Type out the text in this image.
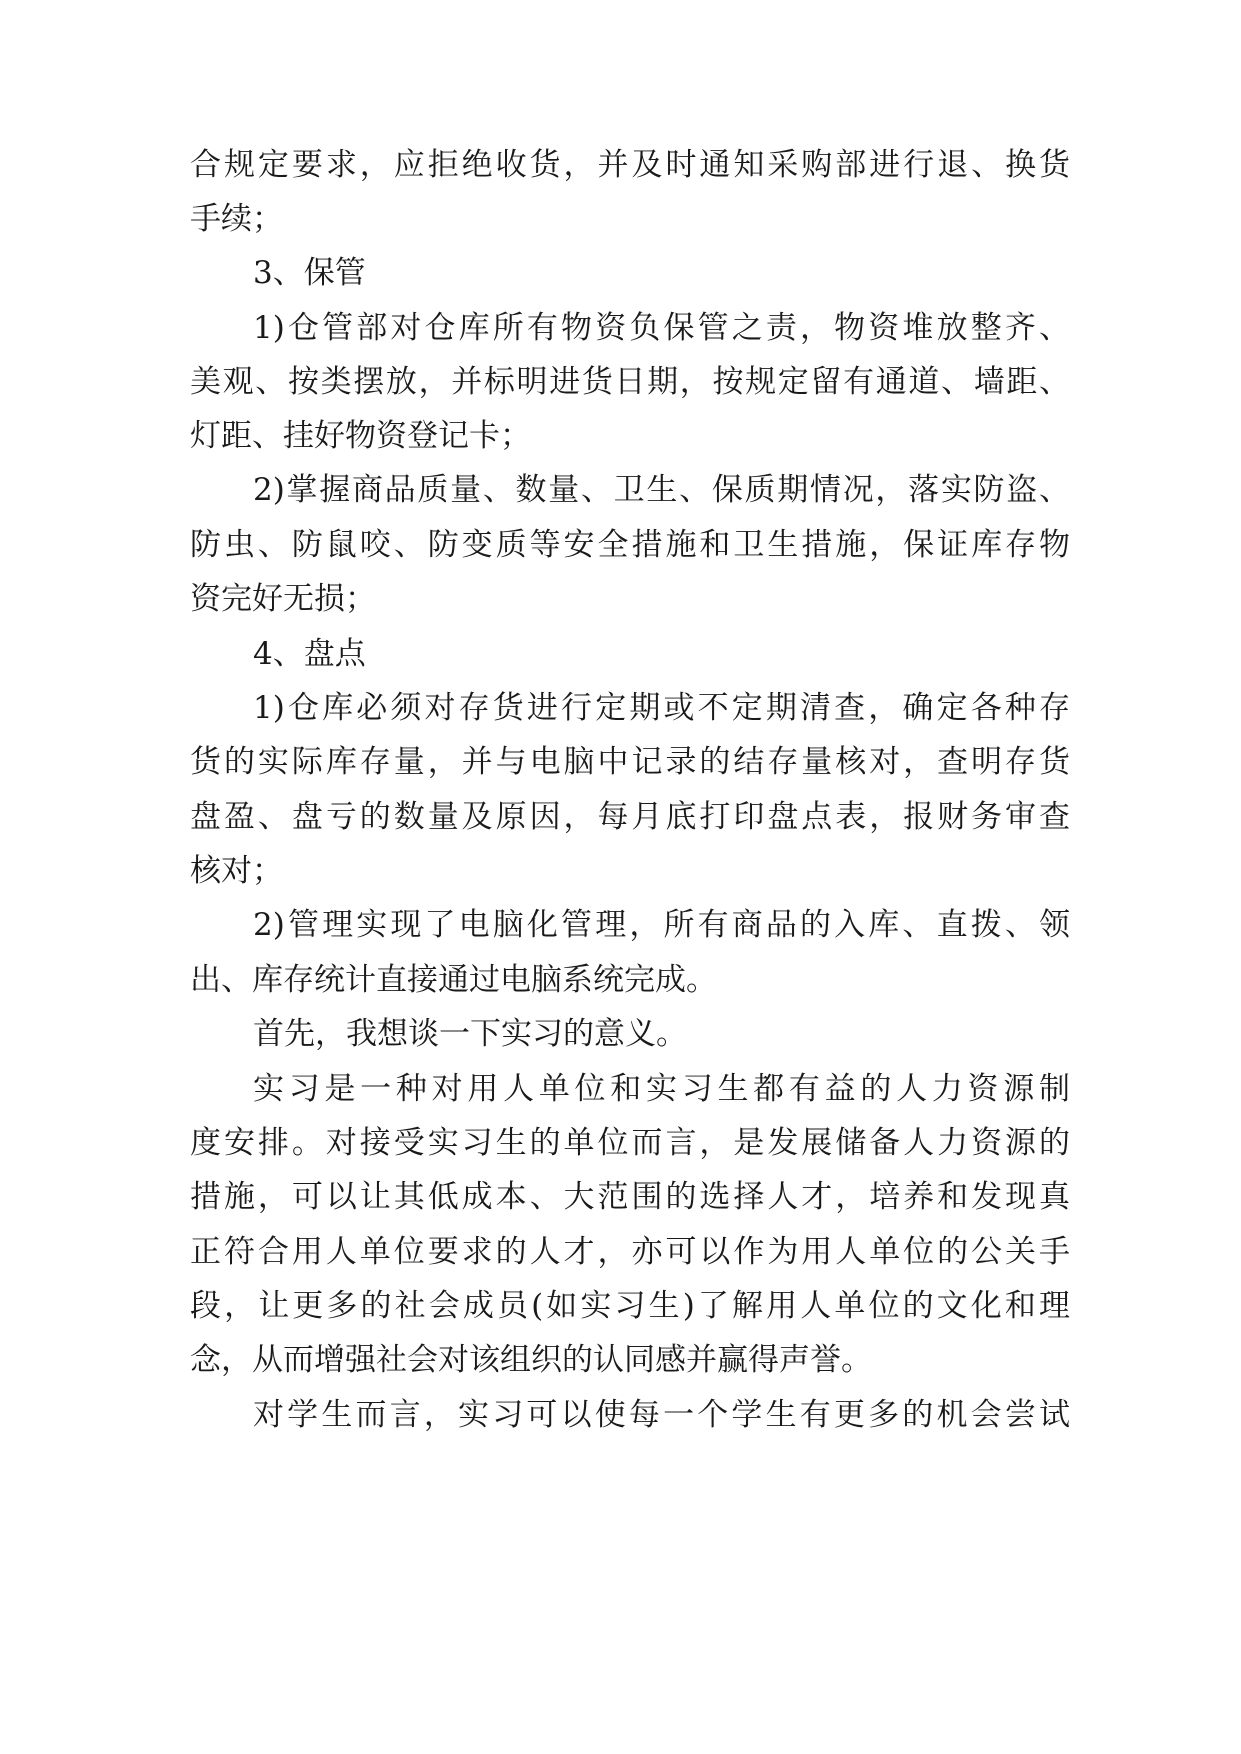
合规定要求，应拒绝收货，并及时通知采购部进行退、换货
手续；
3、保管
1)仓管部对仓库所有物资负保管之责，物资堆放整齐、
美观、按类摆放，并标明进货日期，按规定留有通道、墙距、
灯距、挂好物资登记卡；
2)掌握商品质量、数量、卫生、保质期情况，落实防盗、
防虫、防鼠咬、防变质等安全措施和卫生措施，保证库存物
资完好无损；
4、盘点
1)仓库必须对存货进行定期或不定期清查，确定各种存
货的实际库存量，并与电脑中记录的结存量核对，查明存货
盘盈、盘亏的数量及原因，每月底打印盘点表，报财务审查
核对；
2)管理实现了电脑化管理，所有商品的入库、直拨、领
出、库存统计直接通过电脑系统完成。
首先，我想谈一下实习的意义。
实习是一种对用人单位和实习生都有益的人力资源制
度安排。对接受实习生的单位而言，是发展储备人力资源的
措施，可以让其低成本、大范围的选择人才，培养和发现真
正符合用人单位要求的人才，亦可以作为用人单位的公关手
段，让更多的社会成员(如实习生)了解用人单位的文化和理
念，从而增强社会对该组织的认同感并赢得声誉。
对学生而言，实习可以使每一个学生有更多的机会尝试
